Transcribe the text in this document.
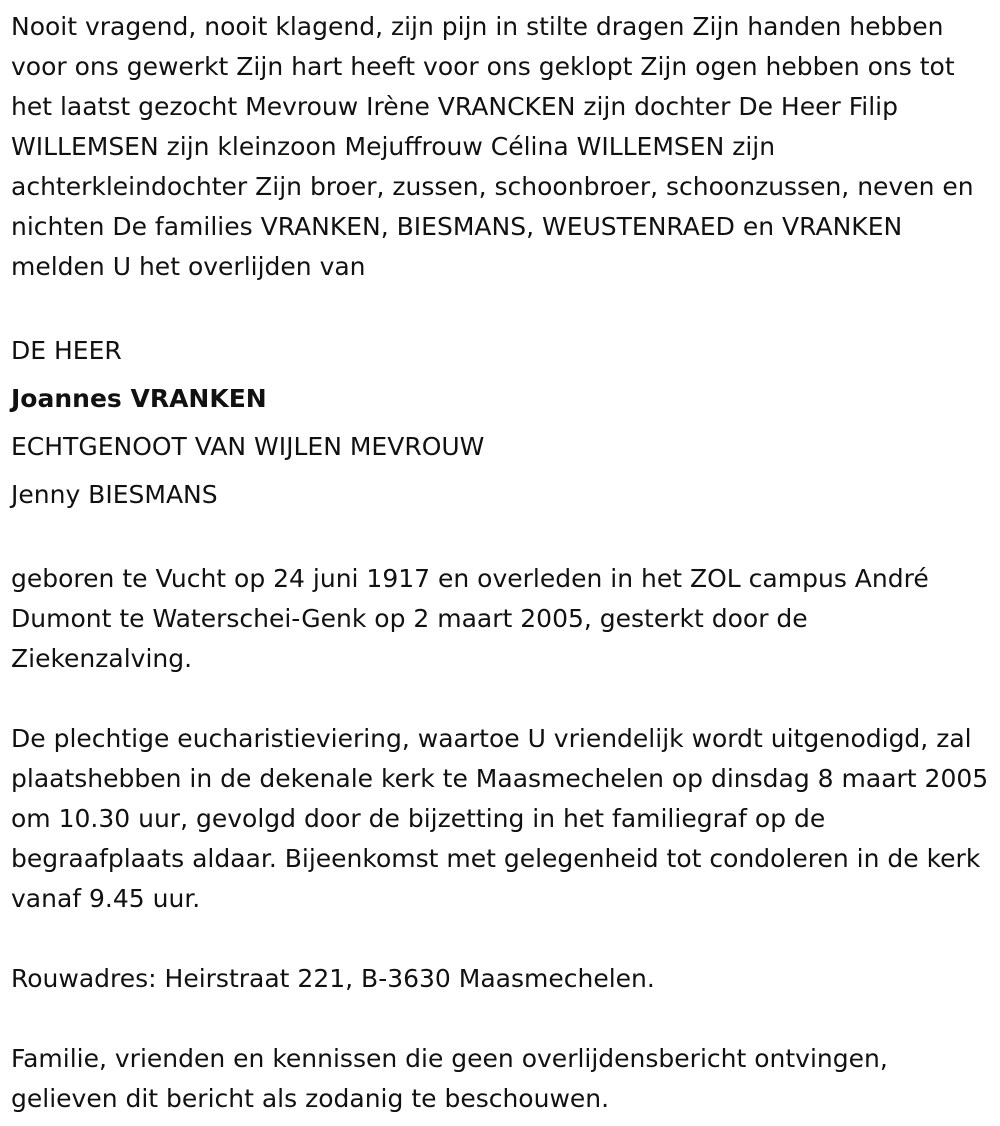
Nooit vragend, nooit klagend, zijn pijn in stilte dragen Zijn handen hebben voor ons gewerkt Zijn hart heeft voor ons geklopt Zijn ogen hebben ons tot het laatst gezocht Mevrouw Irène VRANCKEN zijn dochter De Heer Filip WILLEMSEN zijn kleinzoon Mejuffrouw Célina WILLEMSEN zijn achterkleindochter Zijn broer, zussen, schoonbroer, schoonzussen, neven en nichten De families VRANKEN, BIESMANS, WEUSTENRAED en VRANKEN melden U het overlijden van

DE HEER

Joannes VRANKEN

ECHTGENOOT VAN WIJLEN MEVROUW

Jenny BIESMANS

geboren te Vucht op 24 juni 1917 en overleden in het ZOL campus André Dumont te Waterschei-Genk op 2 maart 2005, gesterkt door de Ziekenzalving.

De plechtige eucharistieviering, waartoe U vriendelijk wordt uitgenodigd, zal plaatshebben in de dekenale kerk te Maasmechelen op dinsdag 8 maart 2005 om 10.30 uur, gevolgd door de bijzetting in het familiegraf op de begraafplaats aldaar. Bijeenkomst met gelegenheid tot condoleren in de kerk vanaf 9.45 uur.

Rouwadres: Heirstraat 221, B-3630 Maasmechelen.

Familie, vrienden en kennissen die geen overlijdensbericht ontvingen, gelieven dit bericht als zodanig te beschouwen.
